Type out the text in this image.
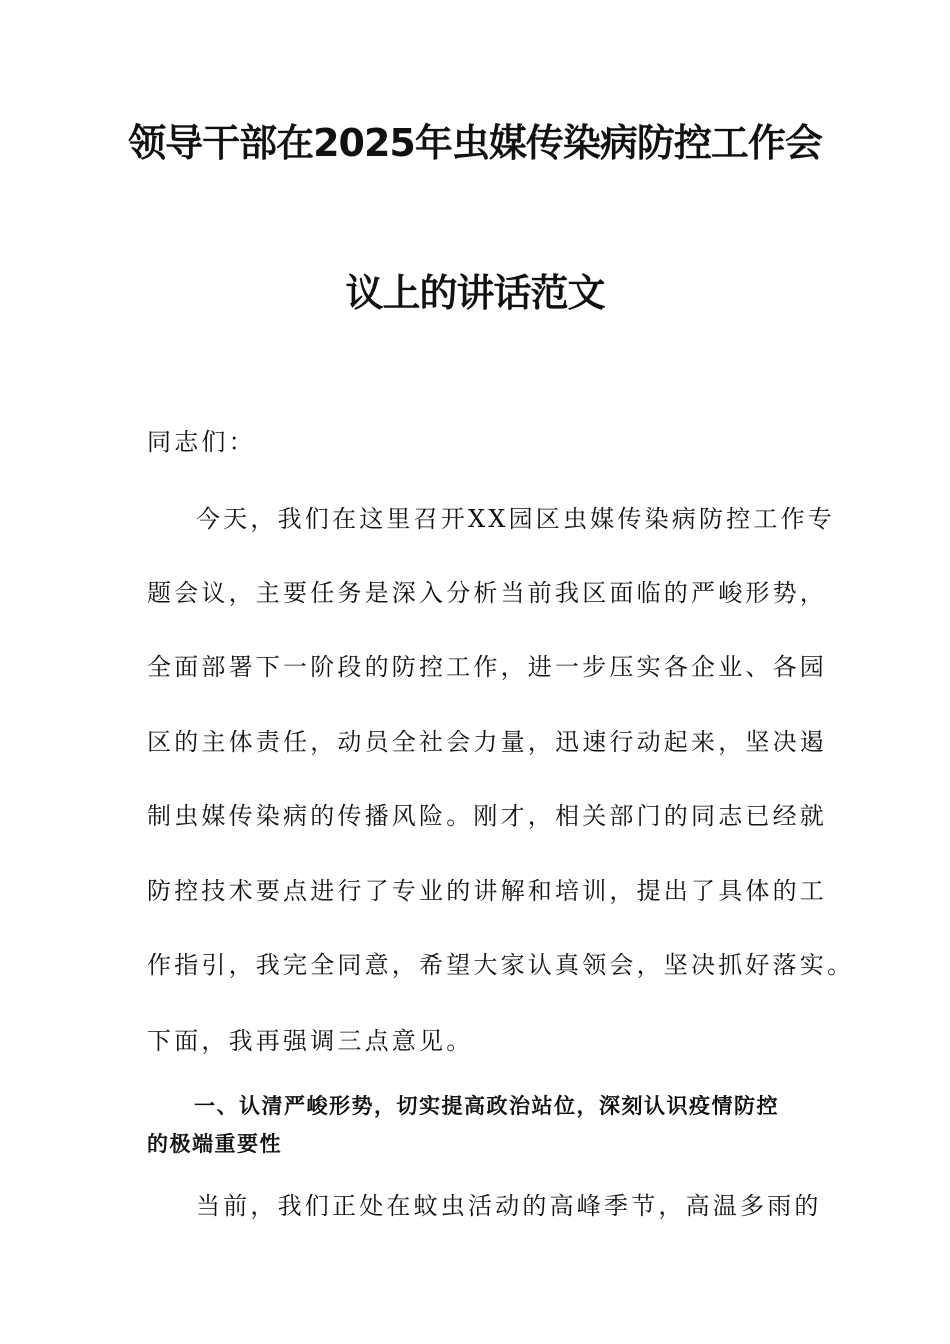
领导干部在2025年虫媒传染病防控工作会
议上的讲话范文
同志们：
今天，我们在这里召开XX园区虫媒传染病防控工作专
题会议，主要任务是深入分析当前我区面临的严峻形势，
全面部署下一阶段的防控工作，进一步压实各企业、各园
区的主体责任，动员全社会力量，迅速行动起来，坚决遏
制虫媒传染病的传播风险。刚才，相关部门的同志已经就
防控技术要点进行了专业的讲解和培训，提出了具体的工
作指引，我完全同意，希望大家认真领会，坚决抓好落实。
下面，我再强调三点意见。
一、认清严峻形势，切实提高政治站位，深刻认识疫情防控
的极端重要性
当前，我们正处在蚊虫活动的高峰季节，高温多雨的
